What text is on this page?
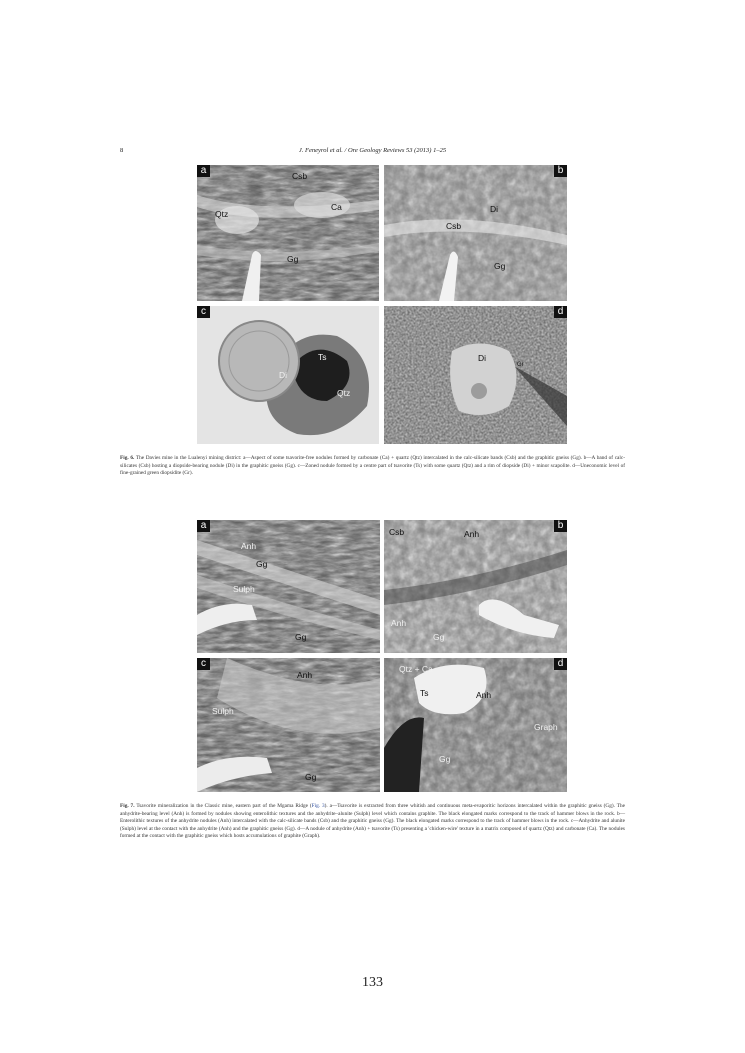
8	J. Feneyrol et al. / Ore Geology Reviews 53 (2013) 1–25
a	Csb
Qtz
Ca
Gg
b
Di
Csb
Gg
c
Ts
Di
Qtz
d
Di
Gr
Fig. 6. The Davies mine in the Lualenyi mining district: a—Aspect of some tsavorite-free nodules formed by carbonate (Ca) + quartz (Qtz) intercalated in the calc-silicate bands (Csb) and the graphitic gneiss (Gg). b—A band of calc-silicates (Csb) hosting a diopside-bearing nodule (Di) in the graphitic gneiss (Gg). c—Zoned nodule formed by a centre part of tsavorite (Ts) with some quartz (Qtz) and a rim of diopside (Di) + minor scapolite. d—Uneconomic level of fine-grained green diopsidite (Gr).
a
Anh
Gg
Sulph
Gg
b
Csb	Anh
Anh
Gg
c
Anh
Sulph
Gg
d
Qtz + Ca
Ts	Anh
Graph
Gg
Fig. 7. Tsavorite mineralization in the Classic mine, eastern part of the Mgama Ridge (Fig. 3). a—Tsavorite is extracted from three whitish and continuous meta-evaporitic horizons intercalated within the graphitic gneiss (Gg). The anhydrite-bearing level (Anh) is formed by nodules showing enterolithic textures and the anhydrite–alunite (Sulph) level which contains graphite. The black elongated marks correspond to the track of hammer blows in the rock. b—Enterolithic textures of the anhydrite nodules (Anh) intercalated with the calc-silicate bands (Csb) and the graphitic gneiss (Gg). The black elongated marks correspond to the track of hammer blows in the rock. c—Anhydrite and alunite (Sulph) level at the contact with the anhydrite (Anh) and the graphitic gneiss (Gg). d—A nodule of anhydrite (Anh) + tsavorite (Ts) presenting a 'chicken-wire' texture in a matrix composed of quartz (Qtz) and carbonate (Ca). The nodules formed at the contact with the graphitic gneiss which hosts accumulations of graphite (Graph).
133
